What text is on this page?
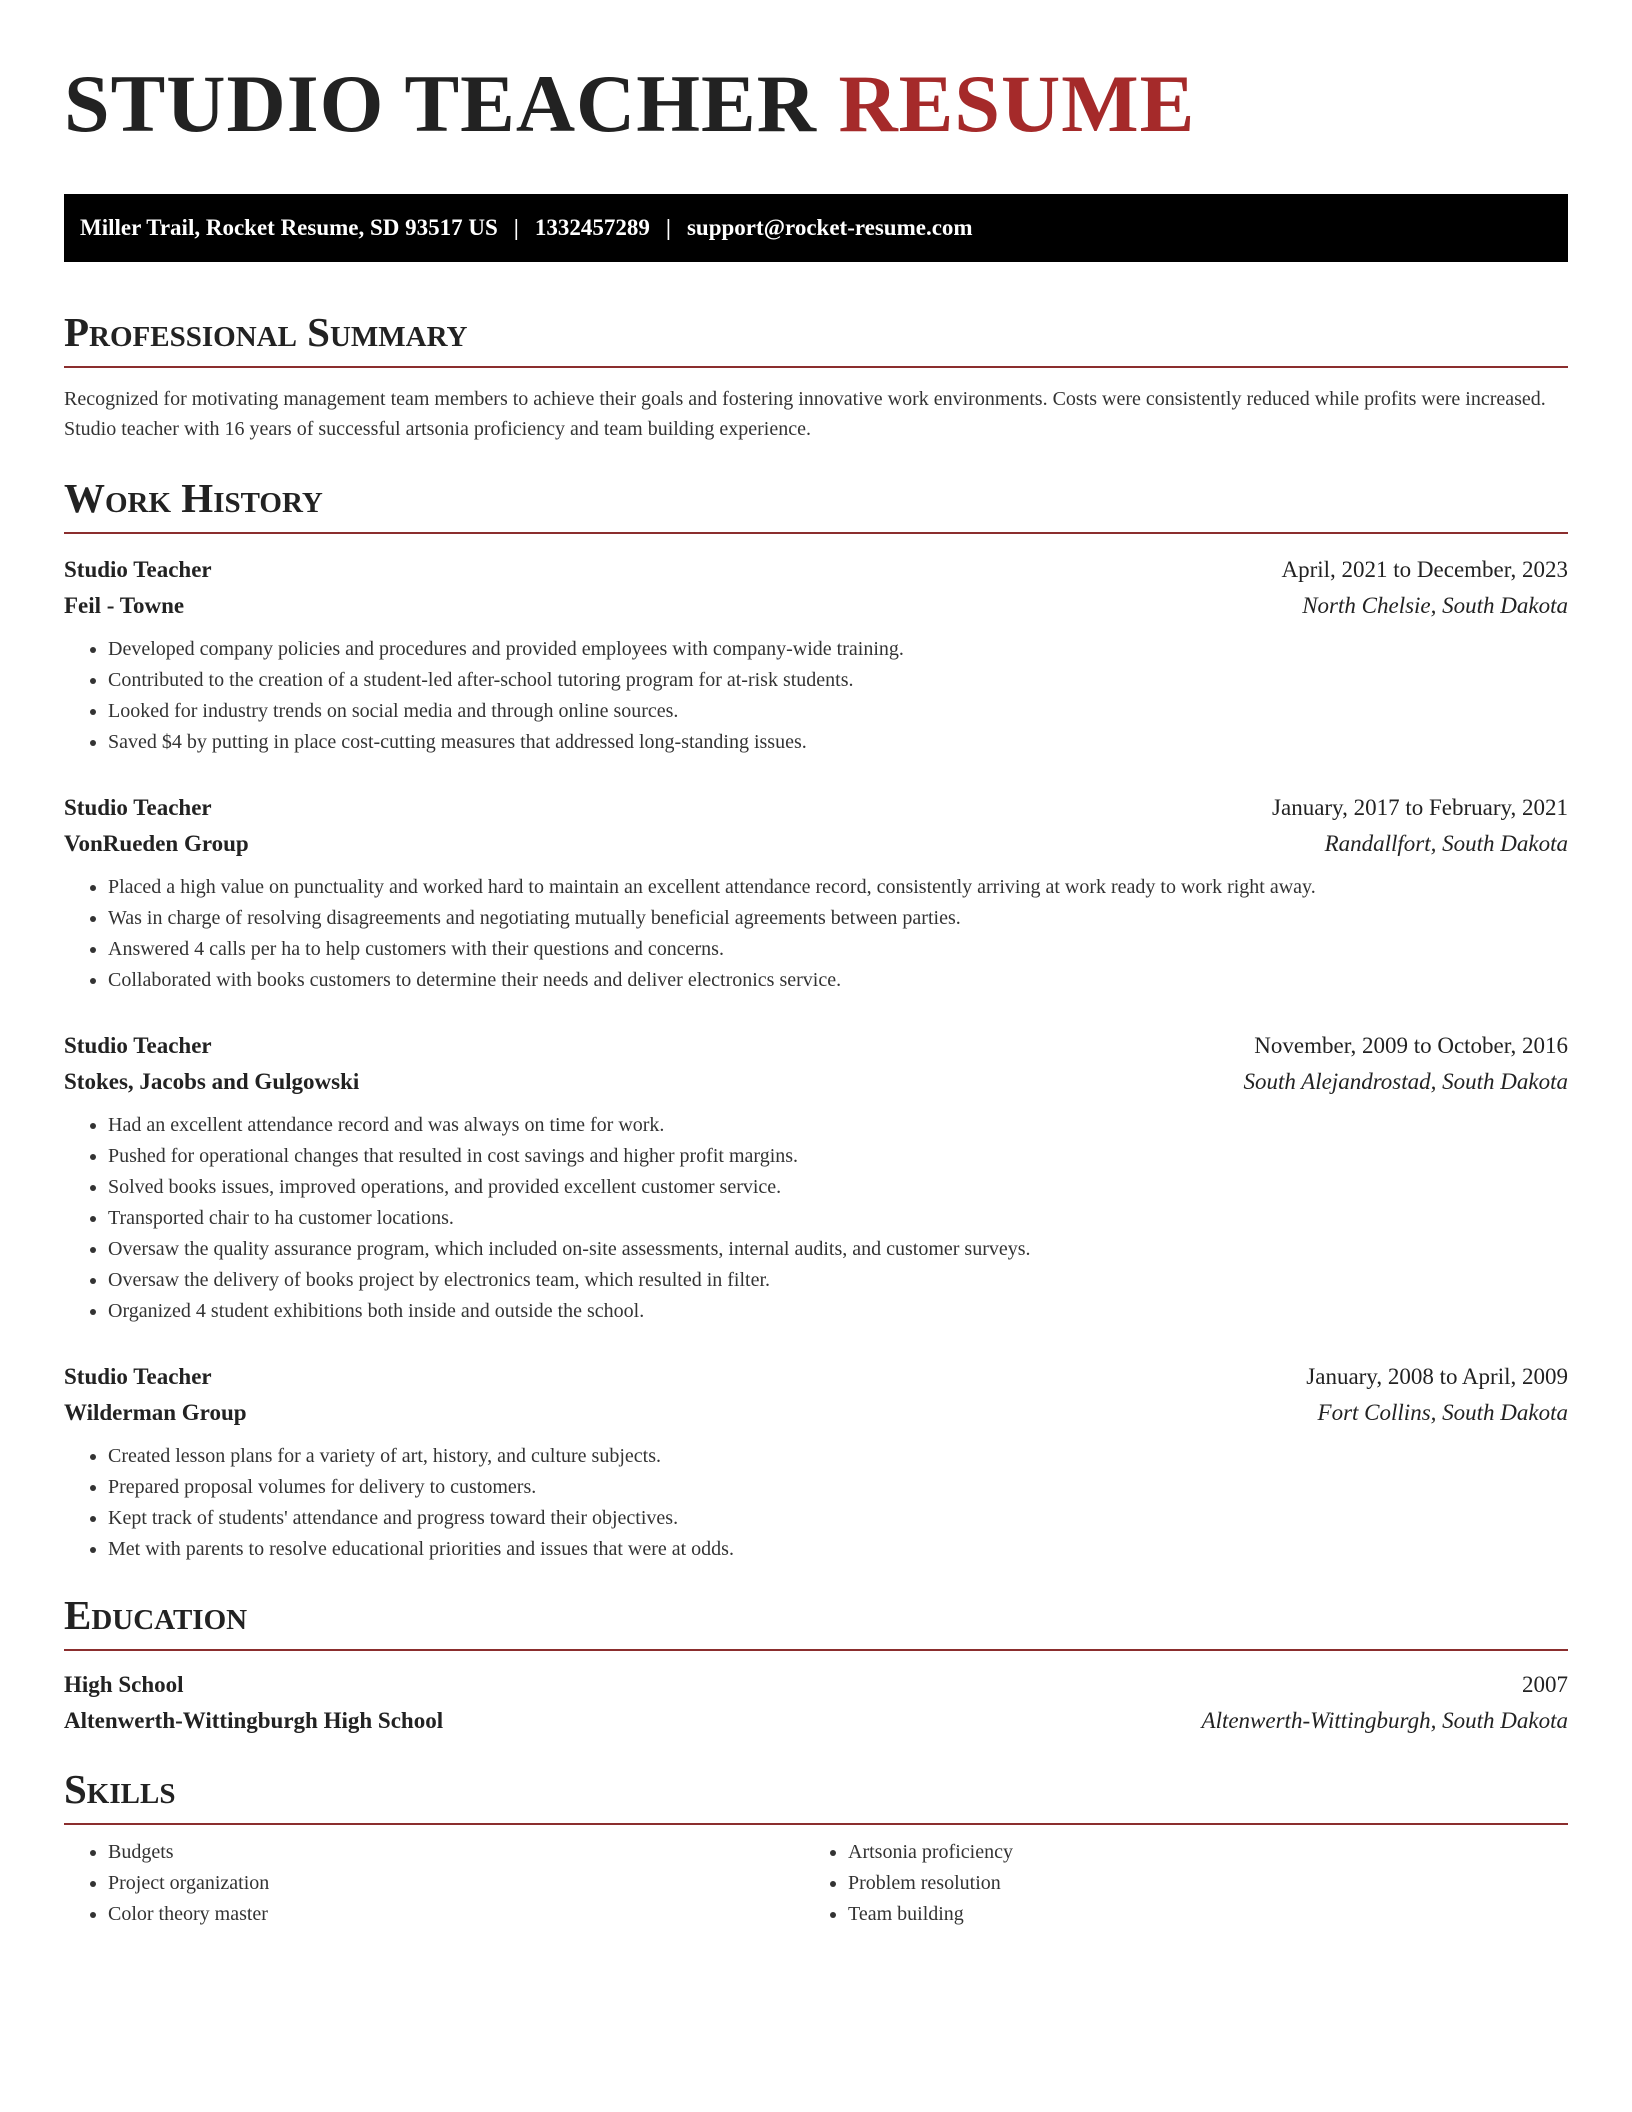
STUDIO TEACHER RESUME
Miller Trail, Rocket Resume, SD 93517 US | 1332457289 | support@rocket-resume.com
Professional Summary

Recognized for motivating management team members to achieve their goals and fostering innovative work environments. Costs were consistently reduced while profits were increased. Studio teacher with 16 years of successful artsonia proficiency and team building experience.

Work History
Studio Teacher	April, 2021 to December, 2023
Feil - Towne	North Chelsie, South Dakota
• Developed company policies and procedures and provided employees with company-wide training.
• Contributed to the creation of a student-led after-school tutoring program for at-risk students.
• Looked for industry trends on social media and through online sources.
• Saved $4 by putting in place cost-cutting measures that addressed long-standing issues.
Studio Teacher	January, 2017 to February, 2021
VonRueden Group	Randallfort, South Dakota
• Placed a high value on punctuality and worked hard to maintain an excellent attendance record, consistently arriving at work ready to work right away.
• Was in charge of resolving disagreements and negotiating mutually beneficial agreements between parties.
• Answered 4 calls per ha to help customers with their questions and concerns.
• Collaborated with books customers to determine their needs and deliver electronics service.
Studio Teacher	November, 2009 to October, 2016
Stokes, Jacobs and Gulgowski	South Alejandrostad, South Dakota
• Had an excellent attendance record and was always on time for work.
• Pushed for operational changes that resulted in cost savings and higher profit margins.
• Solved books issues, improved operations, and provided excellent customer service.
• Transported chair to ha customer locations.
• Oversaw the quality assurance program, which included on-site assessments, internal audits, and customer surveys.
• Oversaw the delivery of books project by electronics team, which resulted in filter.
• Organized 4 student exhibitions both inside and outside the school.
Studio Teacher	January, 2008 to April, 2009
Wilderman Group	Fort Collins, South Dakota
• Created lesson plans for a variety of art, history, and culture subjects.
• Prepared proposal volumes for delivery to customers.
• Kept track of students' attendance and progress toward their objectives.
• Met with parents to resolve educational priorities and issues that were at odds.
Education
High School	2007
Altenwerth-Wittingburgh High School	Altenwerth-Wittingburgh, South Dakota
Skills
• Budgets
• Project organization
• Color theory master
• Artsonia proficiency
• Problem resolution
• Team building
